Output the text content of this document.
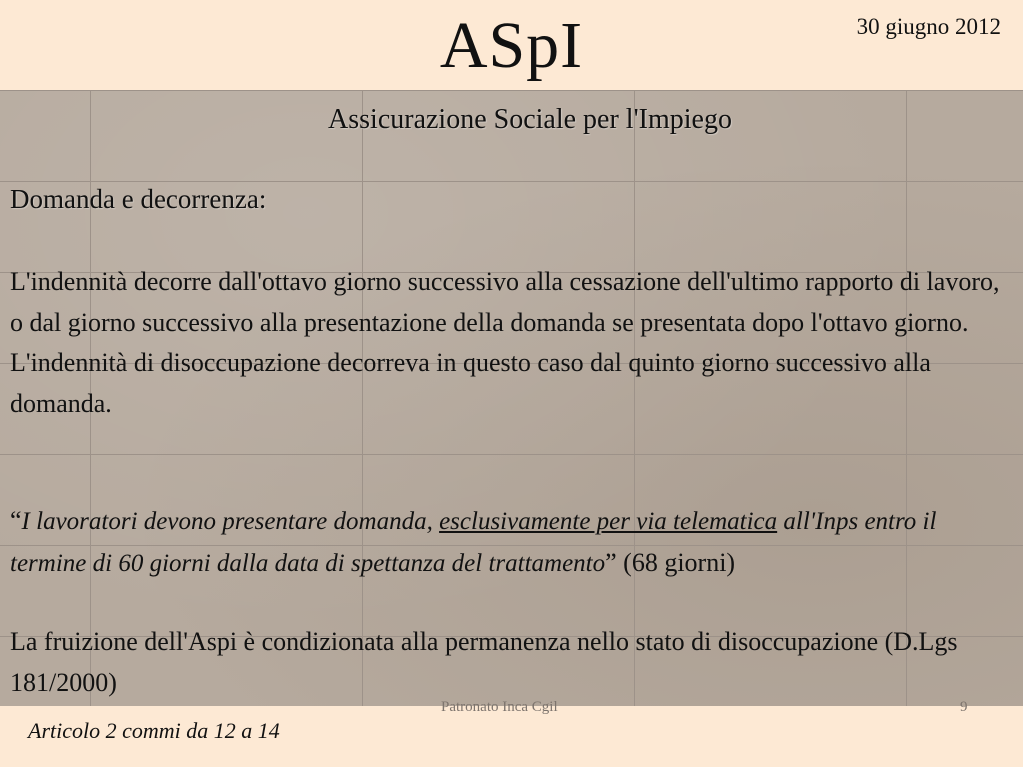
ASpI	30 giugno 2012
Assicurazione Sociale per l'Impiego
Domanda e decorrenza:
L'indennità decorre dall'ottavo giorno successivo alla cessazione dell'ultimo rapporto di lavoro, o dal giorno successivo alla presentazione della domanda se presentata dopo l'ottavo giorno. L'indennità di disoccupazione decorreva in questo caso dal quinto giorno successivo alla domanda.
“I lavoratori devono presentare domanda, esclusivamente per via telematica all'Inps entro il termine di 60 giorni dalla data di spettanza del trattamento” (68 giorni)
La fruizione dell'Aspi è condizionata alla permanenza nello stato di disoccupazione (D.Lgs 181/2000)
Patronato Inca Cgil	9
Articolo 2 commi da 12 a 14
